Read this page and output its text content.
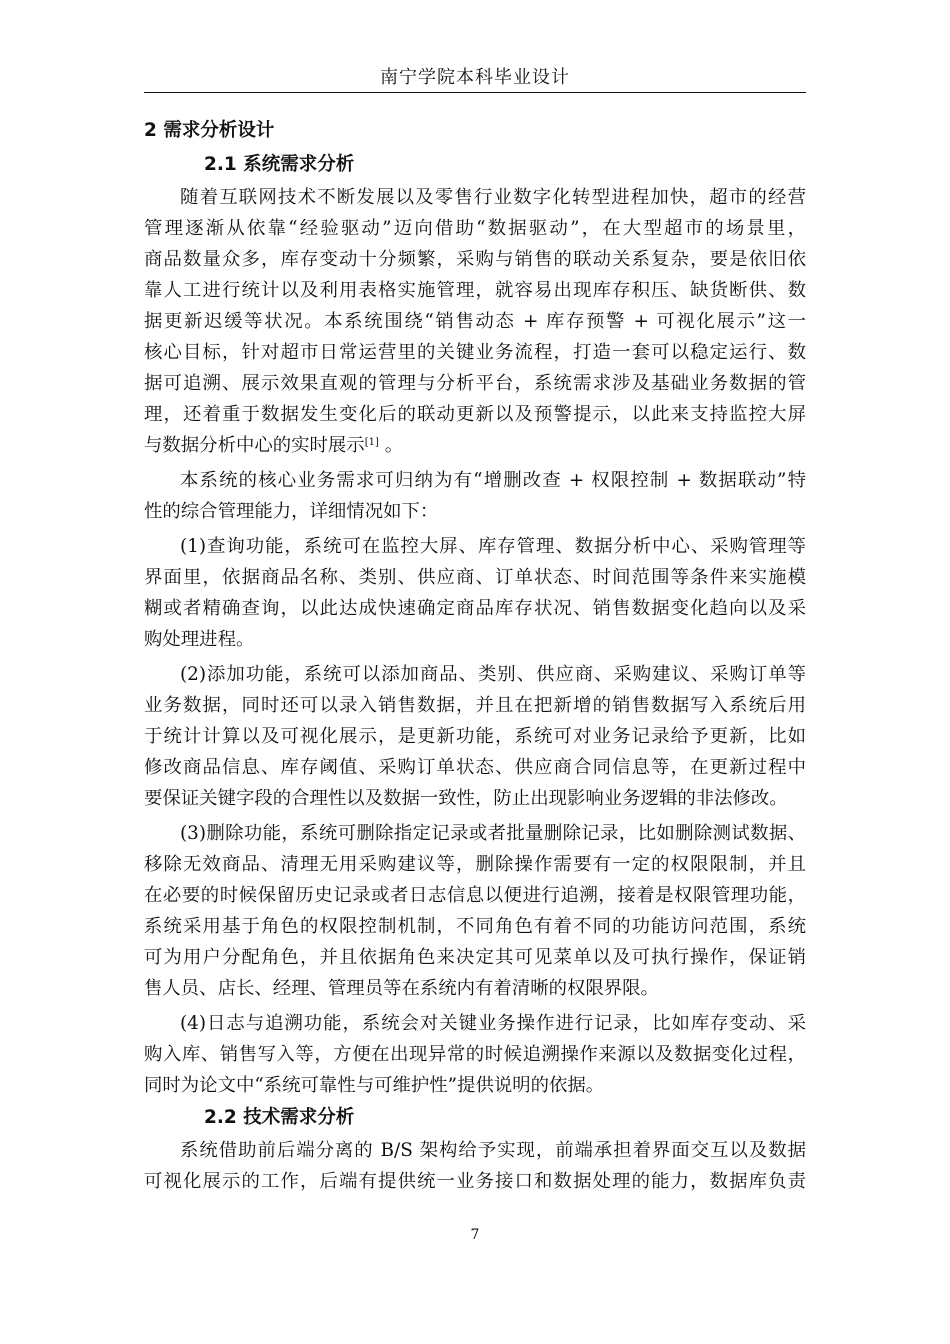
南宁学院本科毕业设计
2 需求分析设计
2.1 系统需求分析
随着互联网技术不断发展以及零售行业数字化转型进程加快，超市的经营
管理逐渐从依靠“经验驱动”迈向借助“数据驱动”，在大型超市的场景里，
商品数量众多，库存变动十分频繁，采购与销售的联动关系复杂，要是依旧依
靠人工进行统计以及利用表格实施管理，就容易出现库存积压、缺货断供、数
据更新迟缓等状况。本系统围绕“销售动态 + 库存预警 + 可视化展示”这一
核心目标，针对超市日常运营里的关键业务流程，打造一套可以稳定运行、数
据可追溯、展示效果直观的管理与分析平台，系统需求涉及基础业务数据的管
理，还着重于数据发生变化后的联动更新以及预警提示，以此来支持监控大屏
与数据分析中心的实时展示[1] 。
本系统的核心业务需求可归纳为有“增删改查 + 权限控制 + 数据联动”特
性的综合管理能力，详细情况如下：
(1)查询功能，系统可在监控大屏、库存管理、数据分析中心、采购管理等
界面里，依据商品名称、类别、供应商、订单状态、时间范围等条件来实施模
糊或者精确查询，以此达成快速确定商品库存状况、销售数据变化趋向以及采
购处理进程。
(2)添加功能，系统可以添加商品、类别、供应商、采购建议、采购订单等
业务数据，同时还可以录入销售数据，并且在把新增的销售数据写入系统后用
于统计计算以及可视化展示，是更新功能，系统可对业务记录给予更新，比如
修改商品信息、库存阈值、采购订单状态、供应商合同信息等，在更新过程中
要保证关键字段的合理性以及数据一致性，防止出现影响业务逻辑的非法修改。
(3)删除功能，系统可删除指定记录或者批量删除记录，比如删除测试数据、
移除无效商品、清理无用采购建议等，删除操作需要有一定的权限限制，并且
在必要的时候保留历史记录或者日志信息以便进行追溯，接着是权限管理功能，
系统采用基于角色的权限控制机制，不同角色有着不同的功能访问范围，系统
可为用户分配角色，并且依据角色来决定其可见菜单以及可执行操作，保证销
售人员、店长、经理、管理员等在系统内有着清晰的权限界限。
(4)日志与追溯功能，系统会对关键业务操作进行记录，比如库存变动、采
购入库、销售写入等，方便在出现异常的时候追溯操作来源以及数据变化过程，
同时为论文中“系统可靠性与可维护性”提供说明的依据。
2.2 技术需求分析
系统借助前后端分离的 B/S 架构给予实现，前端承担着界面交互以及数据
可视化展示的工作，后端有提供统一业务接口和数据处理的能力，数据库负责
7
